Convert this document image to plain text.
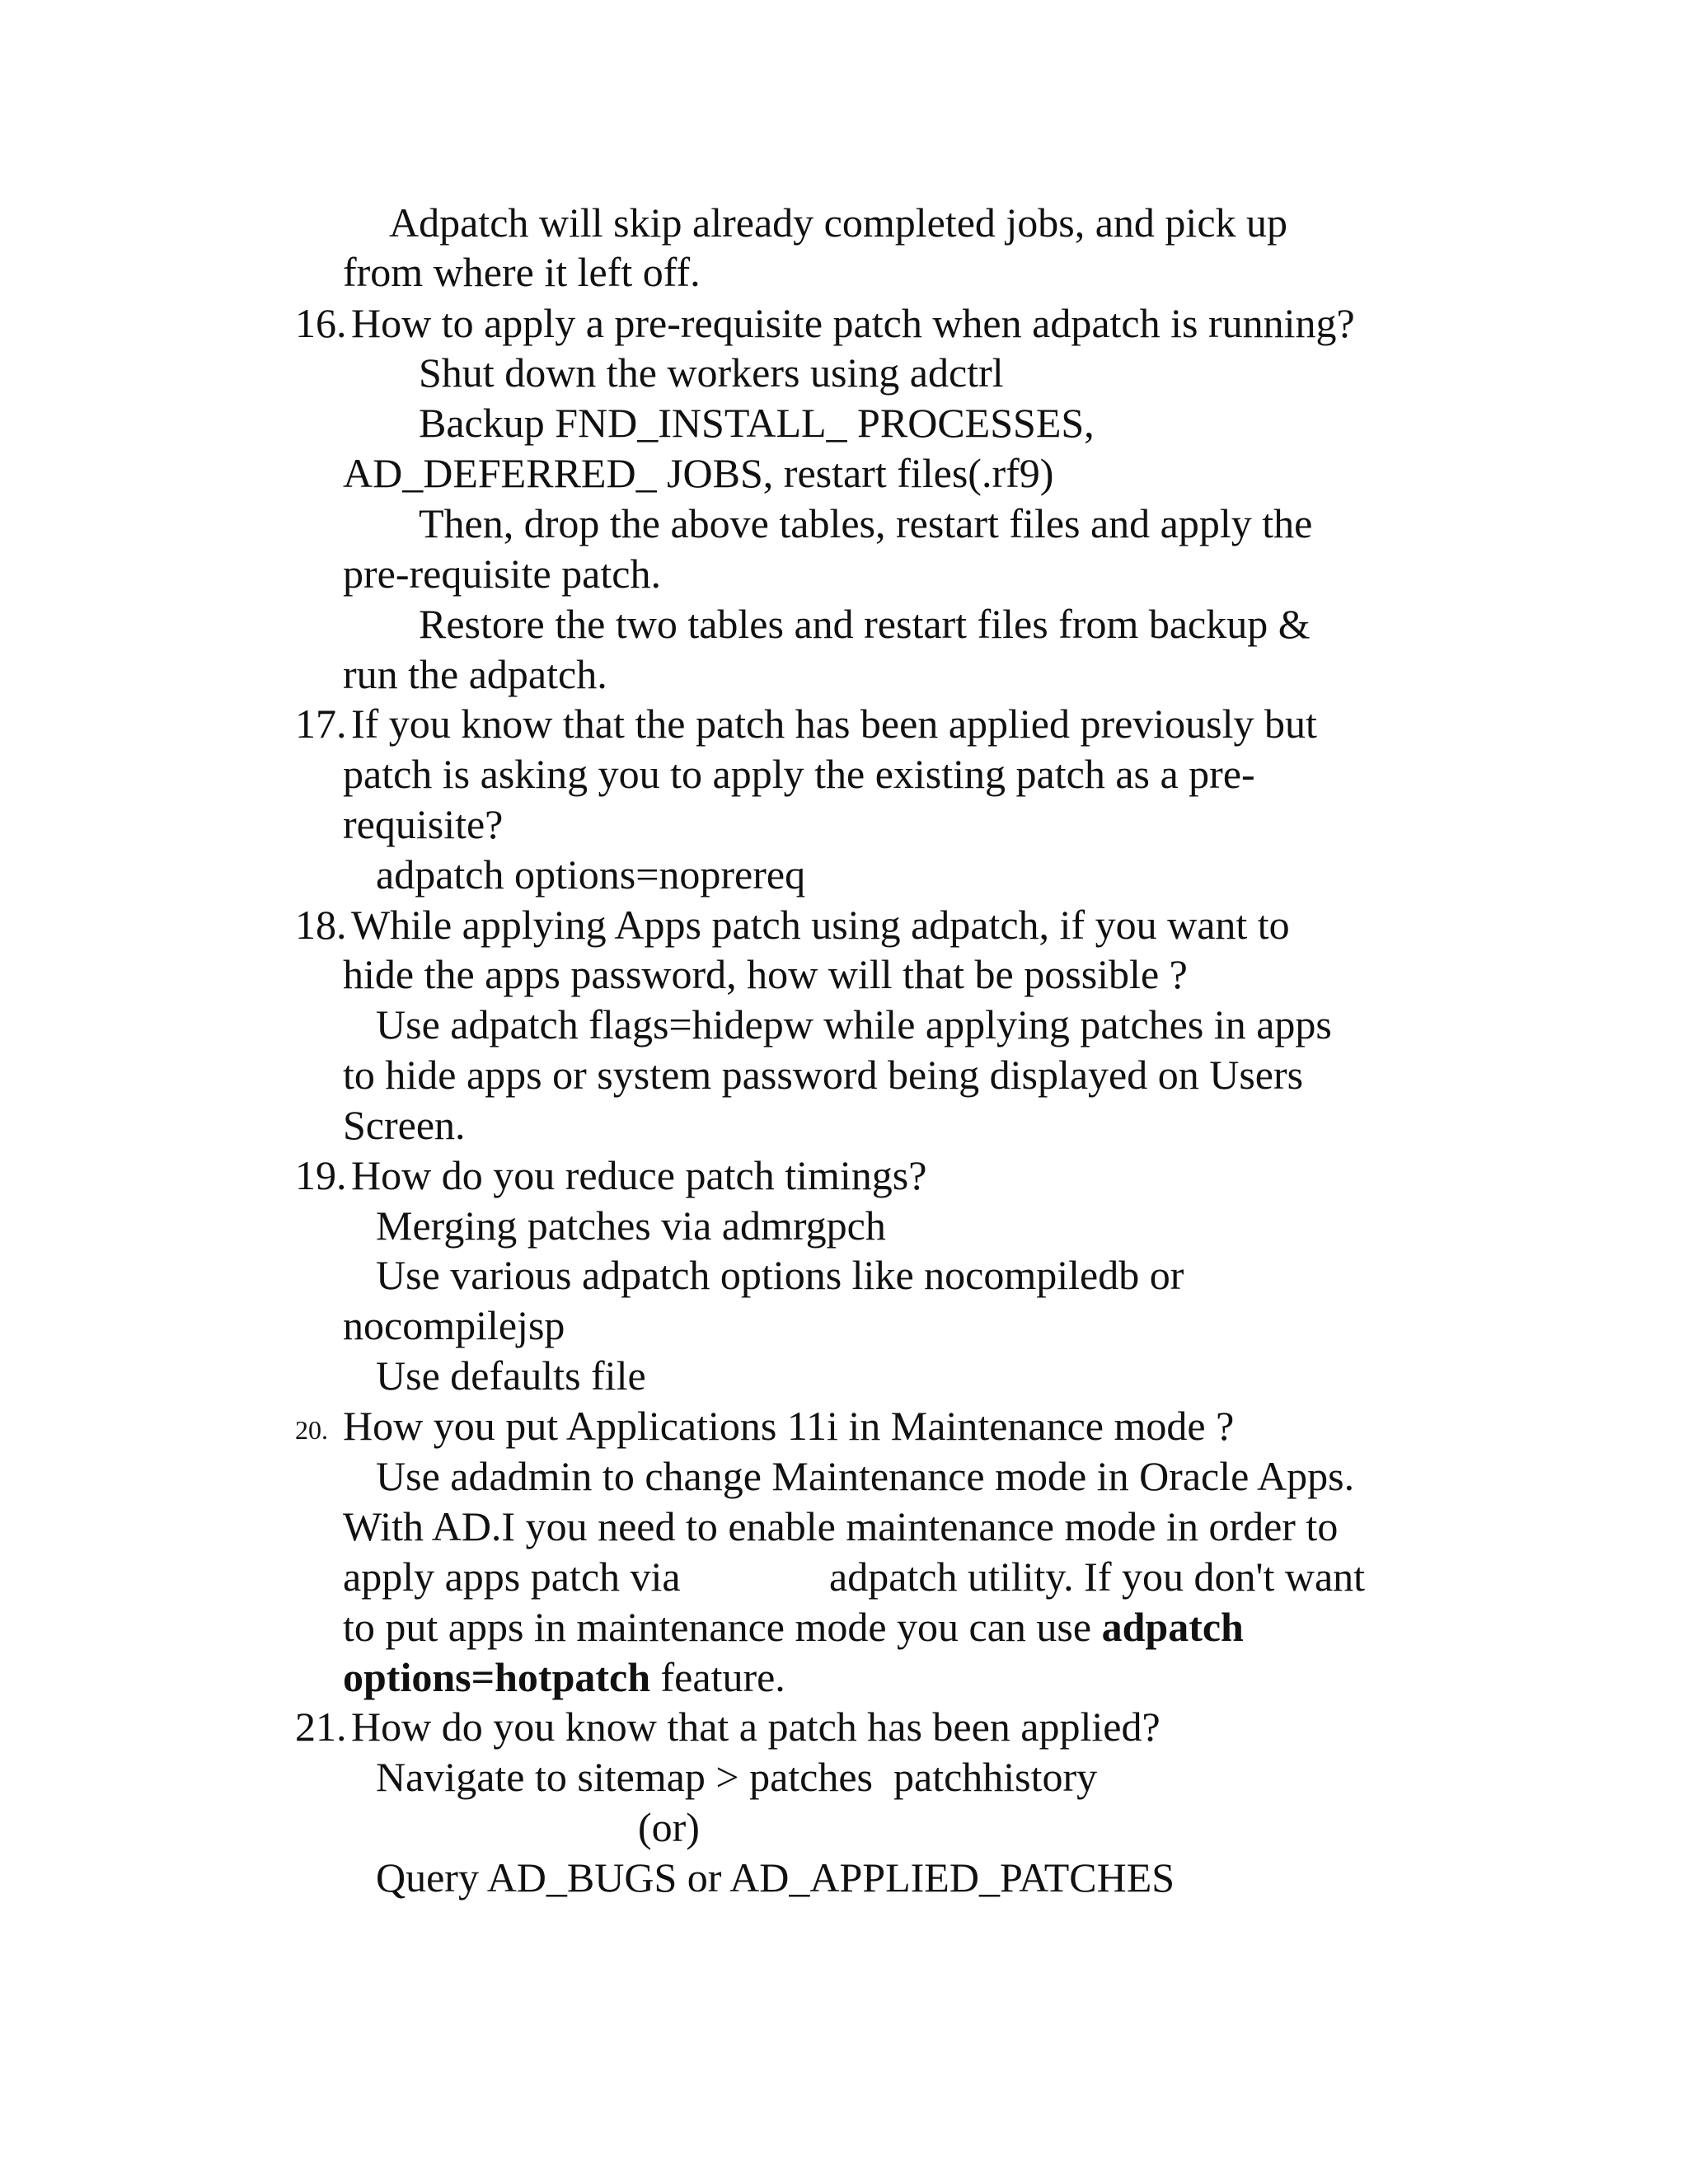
Adpatch will skip already completed jobs, and pick up

from where it left off.

16. How to apply a pre-requisite patch when adpatch is running?

Shut down the workers using adctrl

Backup FND_INSTALL_ PROCESSES,

AD_DEFERRED_ JOBS, restart files(.rf9)

Then, drop the above tables, restart files and apply the

pre-requisite patch.

Restore the two tables and restart files from backup &

run the adpatch.

17. If you know that the patch has been applied previously but

patch is asking you to apply the existing patch as a pre-

requisite?

adpatch options=noprereq

18. While applying Apps patch using adpatch, if you want to

hide the apps password, how will that be possible ?

Use adpatch flags=hidepw while applying patches in apps

to hide apps or system password being displayed on Users

Screen.

19. How do you reduce patch timings?

Merging patches via admrgpch

Use various adpatch options like nocompiledb or

nocompilejsp

Use defaults file

20. How you put Applications 11i in Maintenance mode ?

Use adadmin to change Maintenance mode in Oracle Apps.

With AD.I you need to enable maintenance mode in order to

apply apps patch via	adpatch utility. If you don't want

to put apps in maintenance mode you can use adpatch

options=hotpatch feature.

21. How do you know that a patch has been applied?

Navigate to sitemap > patches  patchhistory

(or)

Query AD_BUGS or AD_APPLIED_PATCHES
